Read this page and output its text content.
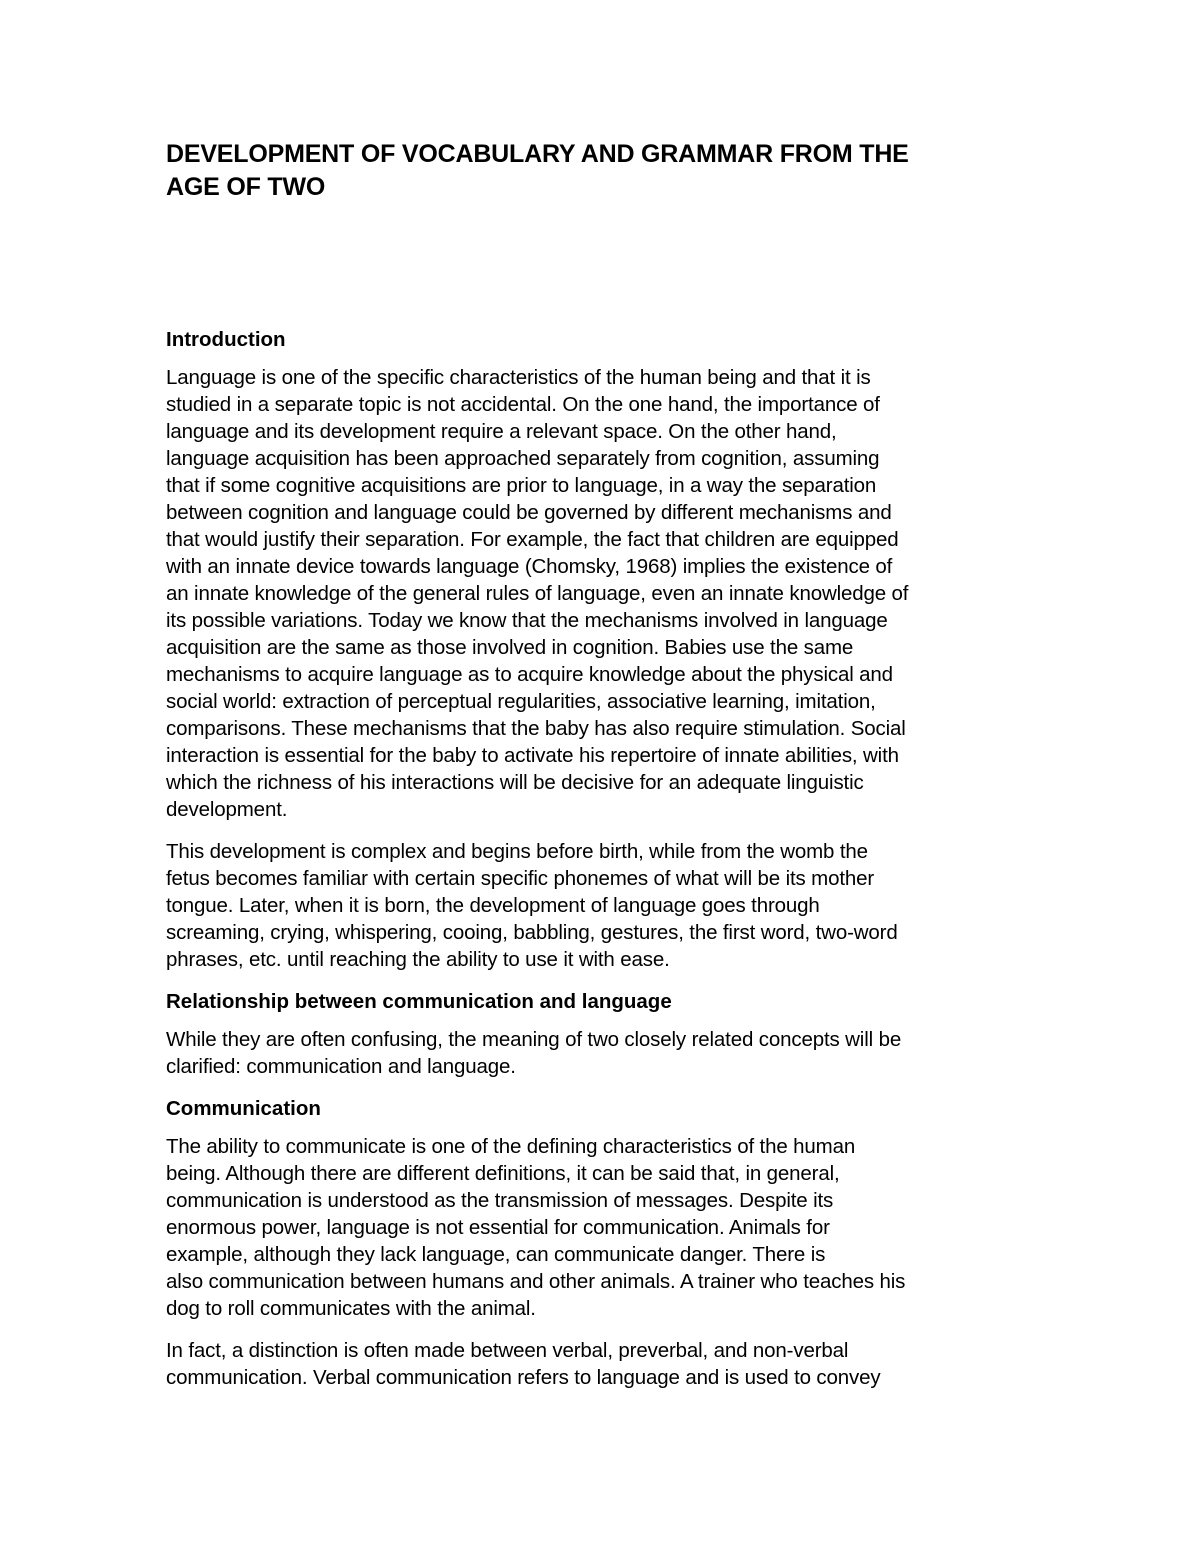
DEVELOPMENT OF VOCABULARY AND GRAMMAR FROM THE
AGE OF TWO
Introduction

Language is one of the specific characteristics of the human being and that it is
studied in a separate topic is not accidental. On the one hand, the importance of
language and its development require a relevant space. On the other hand,
language acquisition has been approached separately from cognition, assuming
that if some cognitive acquisitions are prior to language, in a way the separation
between cognition and language could be governed by different mechanisms and
that would justify their separation. For example, the fact that children are equipped
with an innate device towards language (Chomsky, 1968) implies the existence of
an innate knowledge of the general rules of language, even an innate knowledge of
its possible variations. Today we know that the mechanisms involved in language
acquisition are the same as those involved in cognition. Babies use the same
mechanisms to acquire language as to acquire knowledge about the physical and
social world: extraction of perceptual regularities, associative learning, imitation,
comparisons. These mechanisms that the baby has also require stimulation. Social
interaction is essential for the baby to activate his repertoire of innate abilities, with
which the richness of his interactions will be decisive for an adequate linguistic
development.

This development is complex and begins before birth, while from the womb the
fetus becomes familiar with certain specific phonemes of what will be its mother
tongue. Later, when it is born, the development of language goes through
screaming, crying, whispering, cooing, babbling, gestures, the first word, two-word
phrases, etc. until reaching the ability to use it with ease.

Relationship between communication and language

While they are often confusing, the meaning of two closely related concepts will be
clarified: communication and language.

Communication

The ability to communicate is one of the defining characteristics of the human
being. Although there are different definitions, it can be said that, in general,
communication is understood as the transmission of messages. Despite its
enormous power, language is not essential for communication. Animals for
example, although they lack language, can communicate danger. There is
also communication between humans and other animals. A trainer who teaches his
dog to roll communicates with the animal.

In fact, a distinction is often made between verbal, preverbal, and non-verbal
communication. Verbal communication refers to language and is used to convey
